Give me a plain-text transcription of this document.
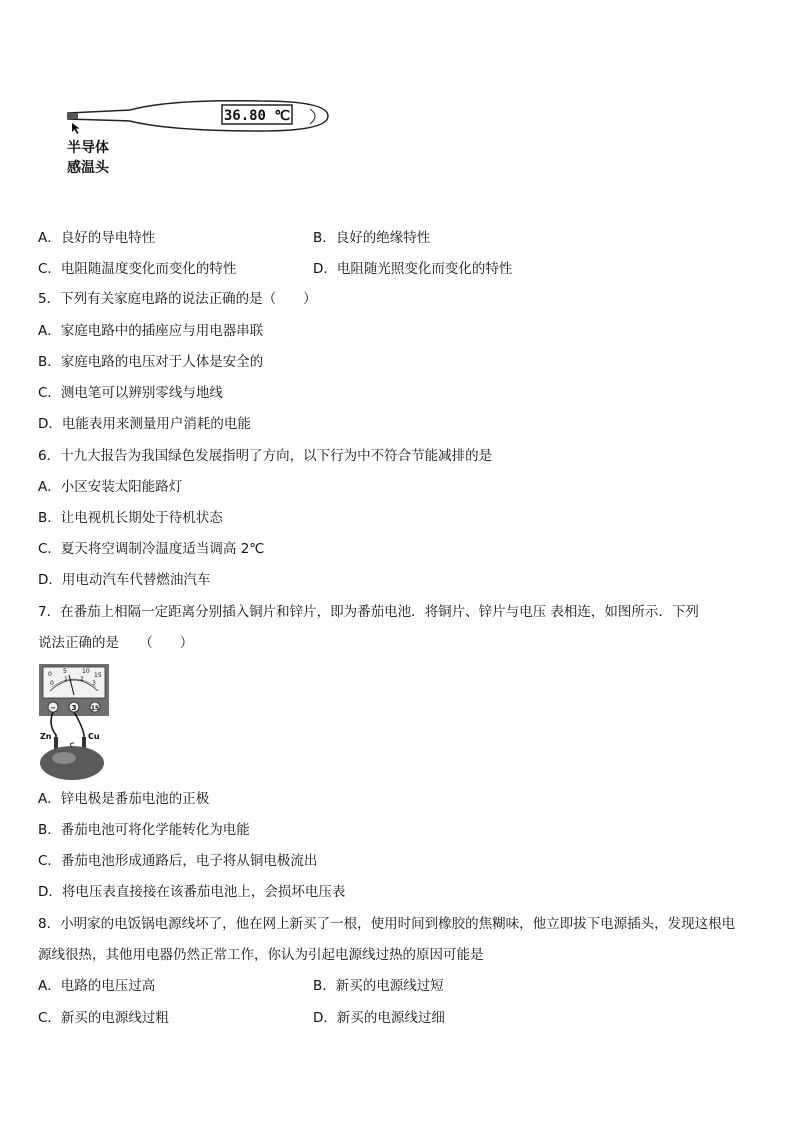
36.80 ℃
半导体
感温头
A．良好的导电特性	B．良好的绝缘特性
C．电阻随温度变化而变化的特性	D．电阻随光照变化而变化的特性
5．下列有关家庭电路的说法正确的是（　　）
A．家庭电路中的插座应与用电器串联
B．家庭电路的电压对于人体是安全的
C．测电笔可以辨别零线与地线
D．电能表用来测量用户消耗的电能
6．十九大报告为我国绿色发展指明了方向，以下行为中不符合节能减排的是
A．小区安装太阳能路灯
B．让电视机长期处于待机状态
C．夏天将空调制冷温度适当调高 2℃
D．用电动汽车代替燃油汽车
7．在番茄上相隔一定距离分别插入铜片和锌片，即为番茄电池．将铜片、锌片与电压 表相连，如图所示．下列
说法正确的是　　（　　）
0 5	10
15
0
1 2
3
− 3 15
Zn	Cu
A．锌电极是番茄电池的正极
B．番茄电池可将化学能转化为电能
C．番茄电池形成通路后，电子将从铜电极流出
D．将电压表直接接在该番茄电池上，会损坏电压表
8．小明家的电饭锅电源线坏了，他在网上新买了一根，使用时间到橡胶的焦糊味，他立即拔下电源插头，发现这根电
源线很热，其他用电器仍然正常工作，你认为引起电源线过热的原因可能是
A．电路的电压过高	B．新买的电源线过短
C．新买的电源线过粗	D．新买的电源线过细
